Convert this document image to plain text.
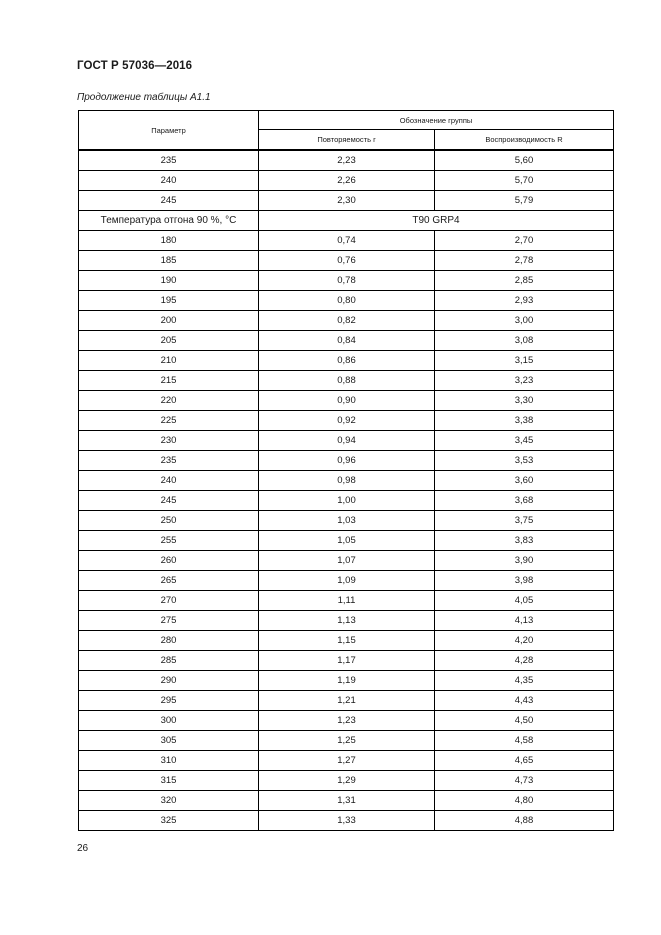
ГОСТ Р 57036—2016
Продолжение таблицы А1.1
Параметр	Обозначение группы	
	Повторяемость r	Воспроизводимость R
235	2,23	5,60
240	2,26	5,70
245	2,30	5,79
Температура отгона 90 %, °С	Т90 GRP4	
180	0,74	2,70
185	0,76	2,78
190	0,78	2,85
195	0,80	2,93
200	0,82	3,00
205	0,84	3,08
210	0,86	3,15
215	0,88	3,23
220	0,90	3,30
225	0,92	3,38
230	0,94	3,45
235	0,96	3,53
240	0,98	3,60
245	1,00	3,68
250	1,03	3,75
255	1,05	3,83
260	1,07	3,90
265	1,09	3,98
270	1,11	4,05
275	1,13	4,13
280	1,15	4,20
285	1,17	4,28
290	1,19	4,35
295	1,21	4,43
300	1,23	4,50
305	1,25	4,58
310	1,27	4,65
315	1,29	4,73
320	1,31	4,80
325	1,33	4,88
26
